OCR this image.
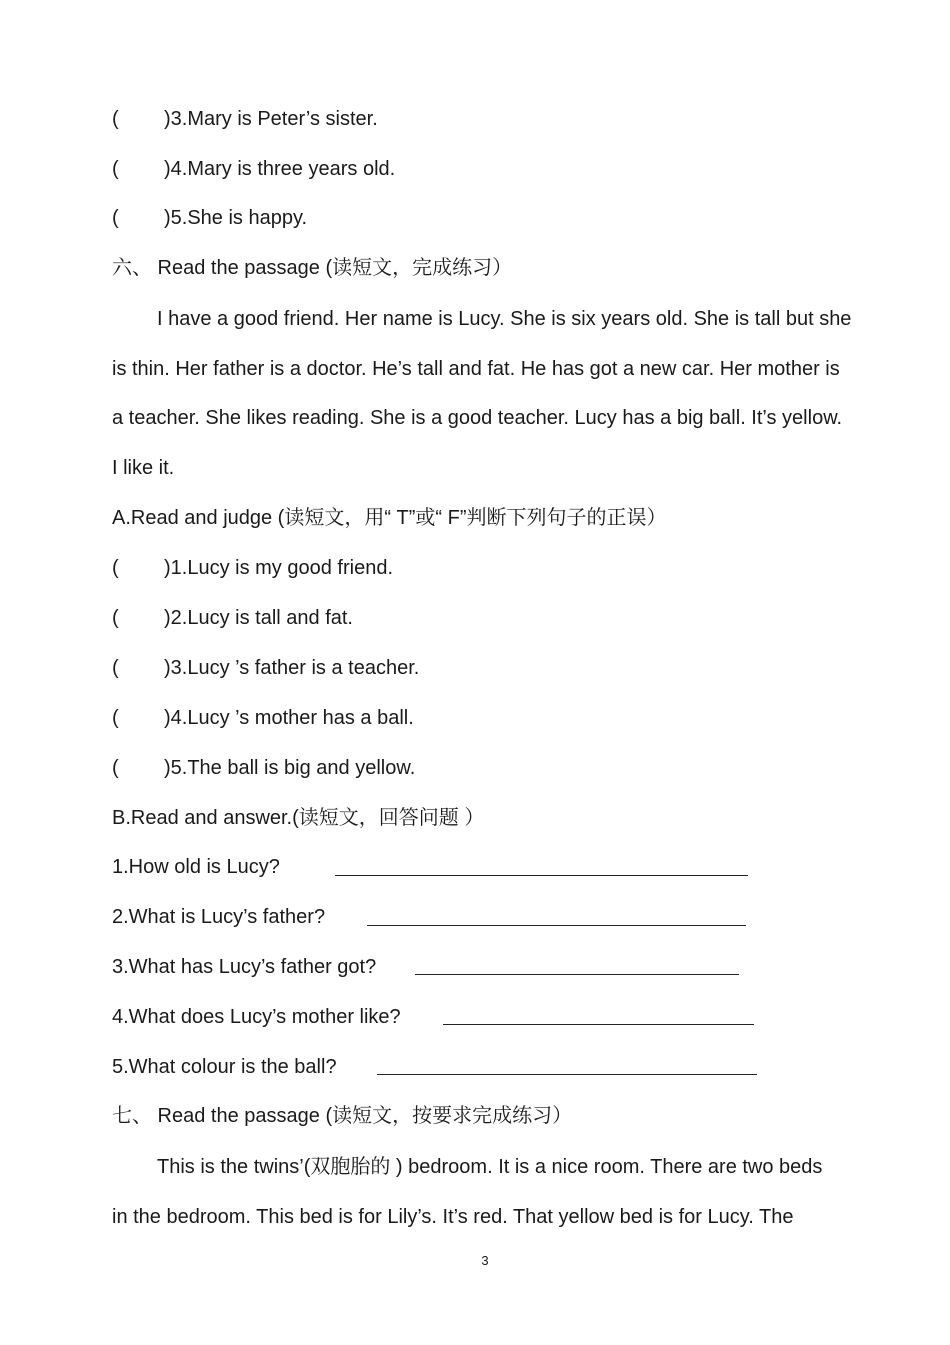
( )3.Mary is Peter’s sister.
( )4.Mary is three years old.
( )5.She is happy.
六、 Read the passage (读短文，完成练习）
I have a good friend. Her name is Lucy. She is six years old. She is tall but she
is thin. Her father is a doctor. He’s tall and fat. He has got a new car. Her mother is
a teacher. She likes reading. She is a good teacher. Lucy has a big ball. It’s yellow.
I like it.
A.Read and judge (读短文，用“ T”或“ F”判断下列句子的正误）
( )1.Lucy is my good friend.
( )2.Lucy is tall and fat.
( )3.Lucy ’s father is a teacher.
( )4.Lucy ’s mother has a ball.
( )5.The ball is big and yellow.
B.Read and answer.(读短文，回答问题 ）
1.How old is Lucy?
2.What is Lucy’s father?
3.What has Lucy’s father got?
4.What does Lucy’s mother like?
5.What colour is the ball?
七、 Read the passage (读短文，按要求完成练习）
This is the twins’(双胞胎的 ) bedroom. It is a nice room. There are two beds
in the bedroom. This bed is for Lily’s. It’s red. That yellow bed is for Lucy. The
3
